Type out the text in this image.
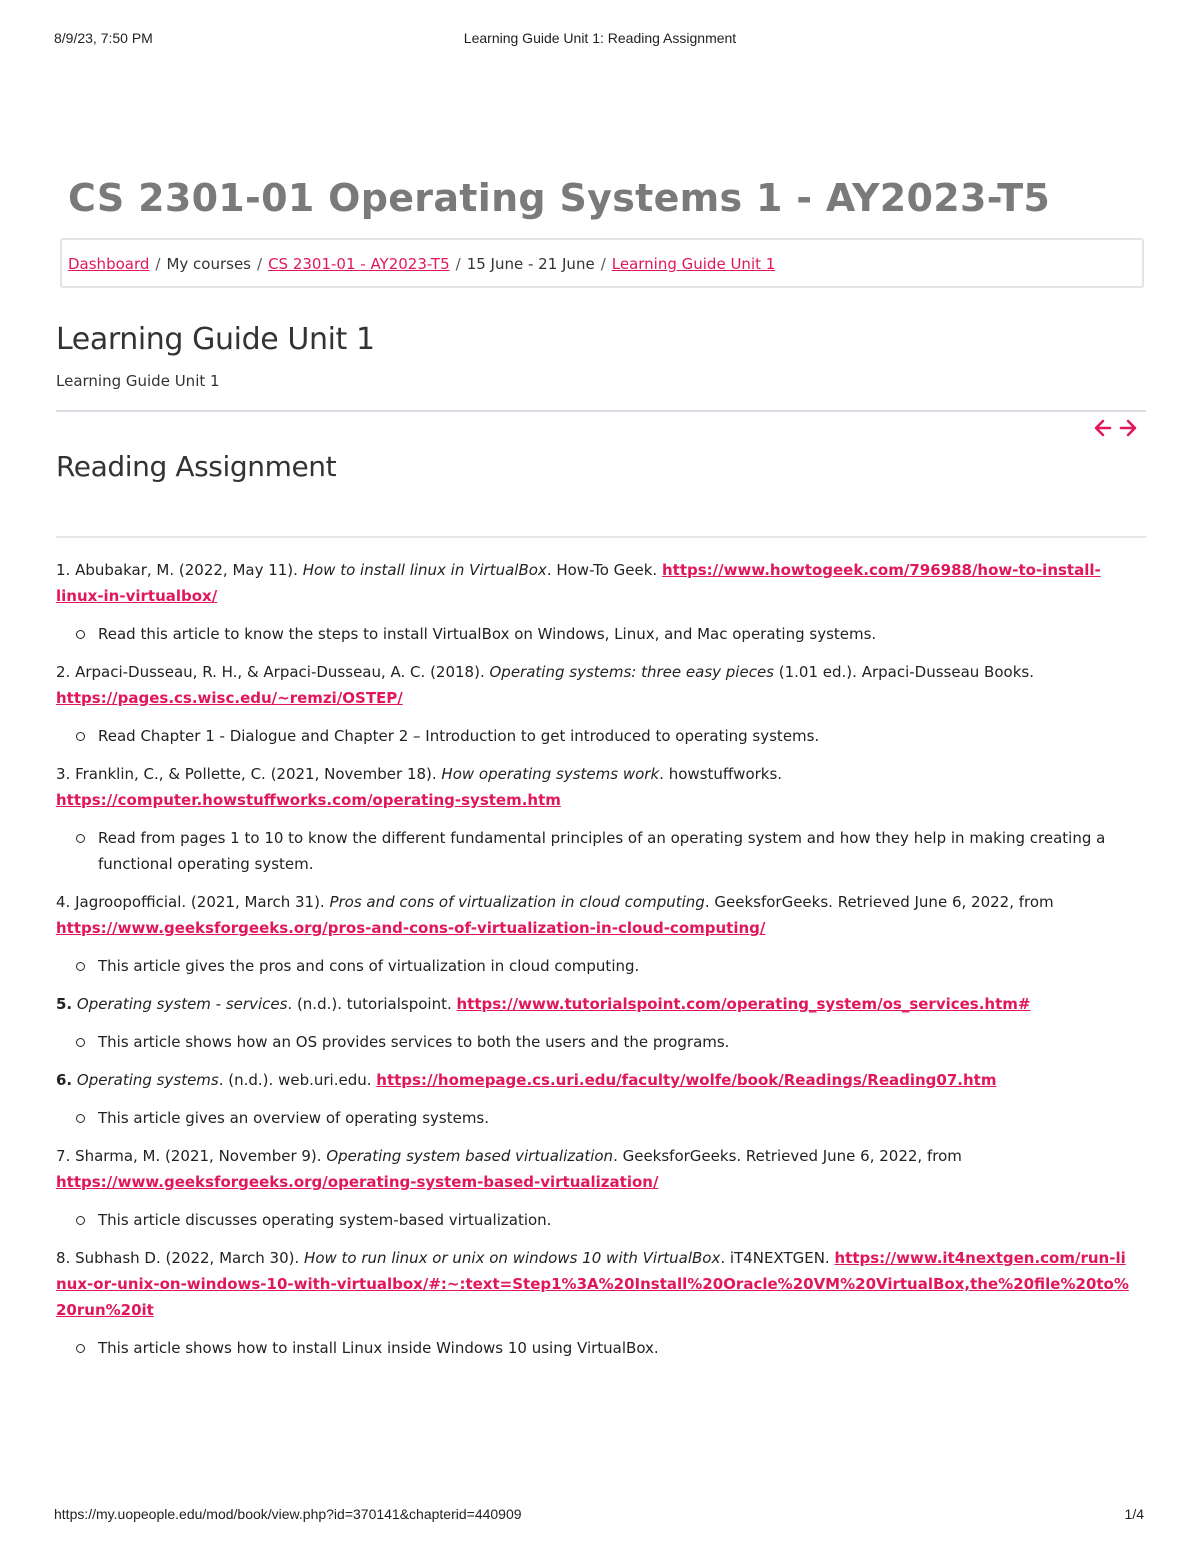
8/9/23, 7:50 PM	Learning Guide Unit 1: Reading Assignment
CS 2301-01 Operating Systems 1 - AY2023-T5
Dashboard / My courses / CS 2301-01 - AY2023-T5 / 15 June - 21 June / Learning Guide Unit 1
Learning Guide Unit 1
Learning Guide Unit 1
Reading Assignment

1. Abubakar, M. (2022, May 11). How to install linux in VirtualBox. How-To Geek. https://www.howtogeek.com/796988/how-to-install-linux-in-virtualbox/

Read this article to know the steps to install VirtualBox on Windows, Linux, and Mac operating systems.

2. Arpaci-Dusseau, R. H., & Arpaci-Dusseau, A. C. (2018). Operating systems: three easy pieces (1.01 ed.). Arpaci-Dusseau Books.
https://pages.cs.wisc.edu/~remzi/OSTEP/

Read Chapter 1 - Dialogue and Chapter 2 – Introduction to get introduced to operating systems.

3. Franklin, C., & Pollette, C. (2021, November 18). How operating systems work. howstuffworks. https://computer.howstuffworks.com/operating-system.htm

Read from pages 1 to 10 to know the different fundamental principles of an operating system and how they help in making creating a functional operating system.

4. Jagroopofficial. (2021, March 31). Pros and cons of virtualization in cloud computing. GeeksforGeeks. Retrieved June 6, 2022, from
https://www.geeksforgeeks.org/pros-and-cons-of-virtualization-in-cloud-computing/

This article gives the pros and cons of virtualization in cloud computing.

5. Operating system - services. (n.d.). tutorialspoint. https://www.tutorialspoint.com/operating_system/os_services.htm#

This article shows how an OS provides services to both the users and the programs.

6. Operating systems. (n.d.). web.uri.edu. https://homepage.cs.uri.edu/faculty/wolfe/book/Readings/Reading07.htm

This article gives an overview of operating systems.

7. Sharma, M. (2021, November 9). Operating system based virtualization. GeeksforGeeks. Retrieved June 6, 2022, from
https://www.geeksforgeeks.org/operating-system-based-virtualization/

This article discusses operating system-based virtualization.

8. Subhash D. (2022, March 30). How to run linux or unix on windows 10 with VirtualBox. iT4NEXTGEN. https://www.it4nextgen.com/run-linux-or-unix-on-windows-10-with-virtualbox/#:~:text=Step1%3A%20Install%20Oracle%20VM%20VirtualBox,the%20file%20to%20run%20it

This article shows how to install Linux inside Windows 10 using VirtualBox.
https://my.uopeople.edu/mod/book/view.php?id=370141&chapterid=440909	1/4
